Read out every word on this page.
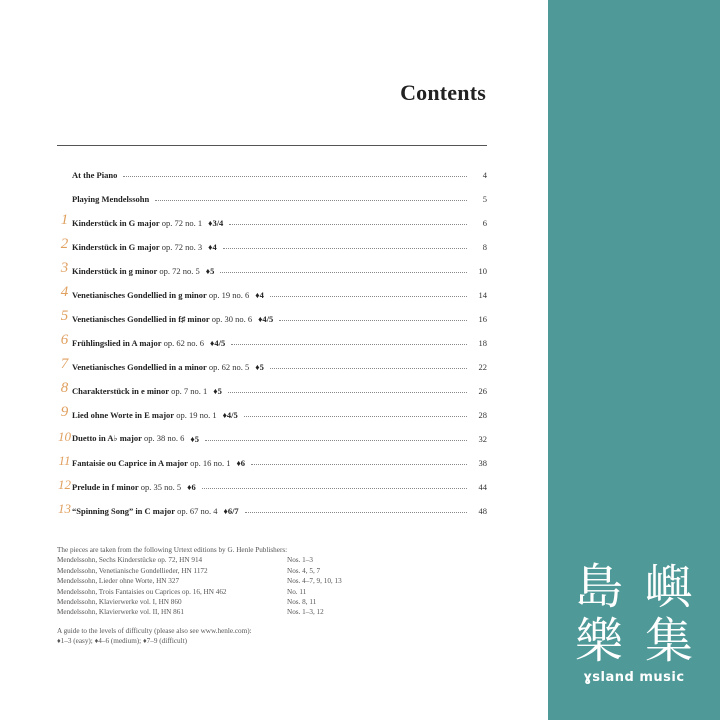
Contents
At the Piano	4
Playing Mendelssohn	5
1 Kinderstück in G major op. 72 no. 1 ♦3/4	6
2 Kinderstück in G major op. 72 no. 3 ♦4	8
3 Kinderstück in g minor op. 72 no. 5 ♦5	10
4 Venetianisches Gondellied in g minor op. 19 no. 6 ♦4	14
5 Venetianisches Gondellied in f♯ minor op. 30 no. 6 ♦4/5	16
6 Frühlingslied in A major op. 62 no. 6 ♦4/5	18
7 Venetianisches Gondellied in a minor op. 62 no. 5 ♦5	22
8 Charakterstück in e minor op. 7 no. 1 ♦5	26
9 Lied ohne Worte in E major op. 19 no. 1 ♦4/5	28
10 Duetto in A♭ major op. 38 no. 6 ♦5	32
11 Fantaisie ou Caprice in A major op. 16 no. 1 ♦6	38
12 Prelude in f minor op. 35 no. 5 ♦6	44
13 “Spinning Song” in C major op. 67 no. 4 ♦6/7	48
The pieces are taken from the following Urtext editions by G. Henle Publishers:
Mendelssohn, Sechs Kinderstücke op. 72, HN 914	Nos. 1–3
Mendelssohn, Venetianische Gondellieder, HN 1172	Nos. 4, 5, 7
Mendelssohn, Lieder ohne Worte, HN 327	Nos. 4–7, 9, 10, 13
Mendelssohn, Trois Fantaisies ou Caprices op. 16, HN 462	No. 11
Mendelssohn, Klavierwerke vol. I, HN 860	Nos. 8, 11
Mendelssohn, Klavierwerke vol. II, HN 861	Nos. 1–3, 12
A guide to the levels of difficulty (please also see www.henle.com):
♦1–3 (easy); ♦4–6 (medium); ♦7–9 (difficult)
島 嶼
樂 集
ɣsland music
